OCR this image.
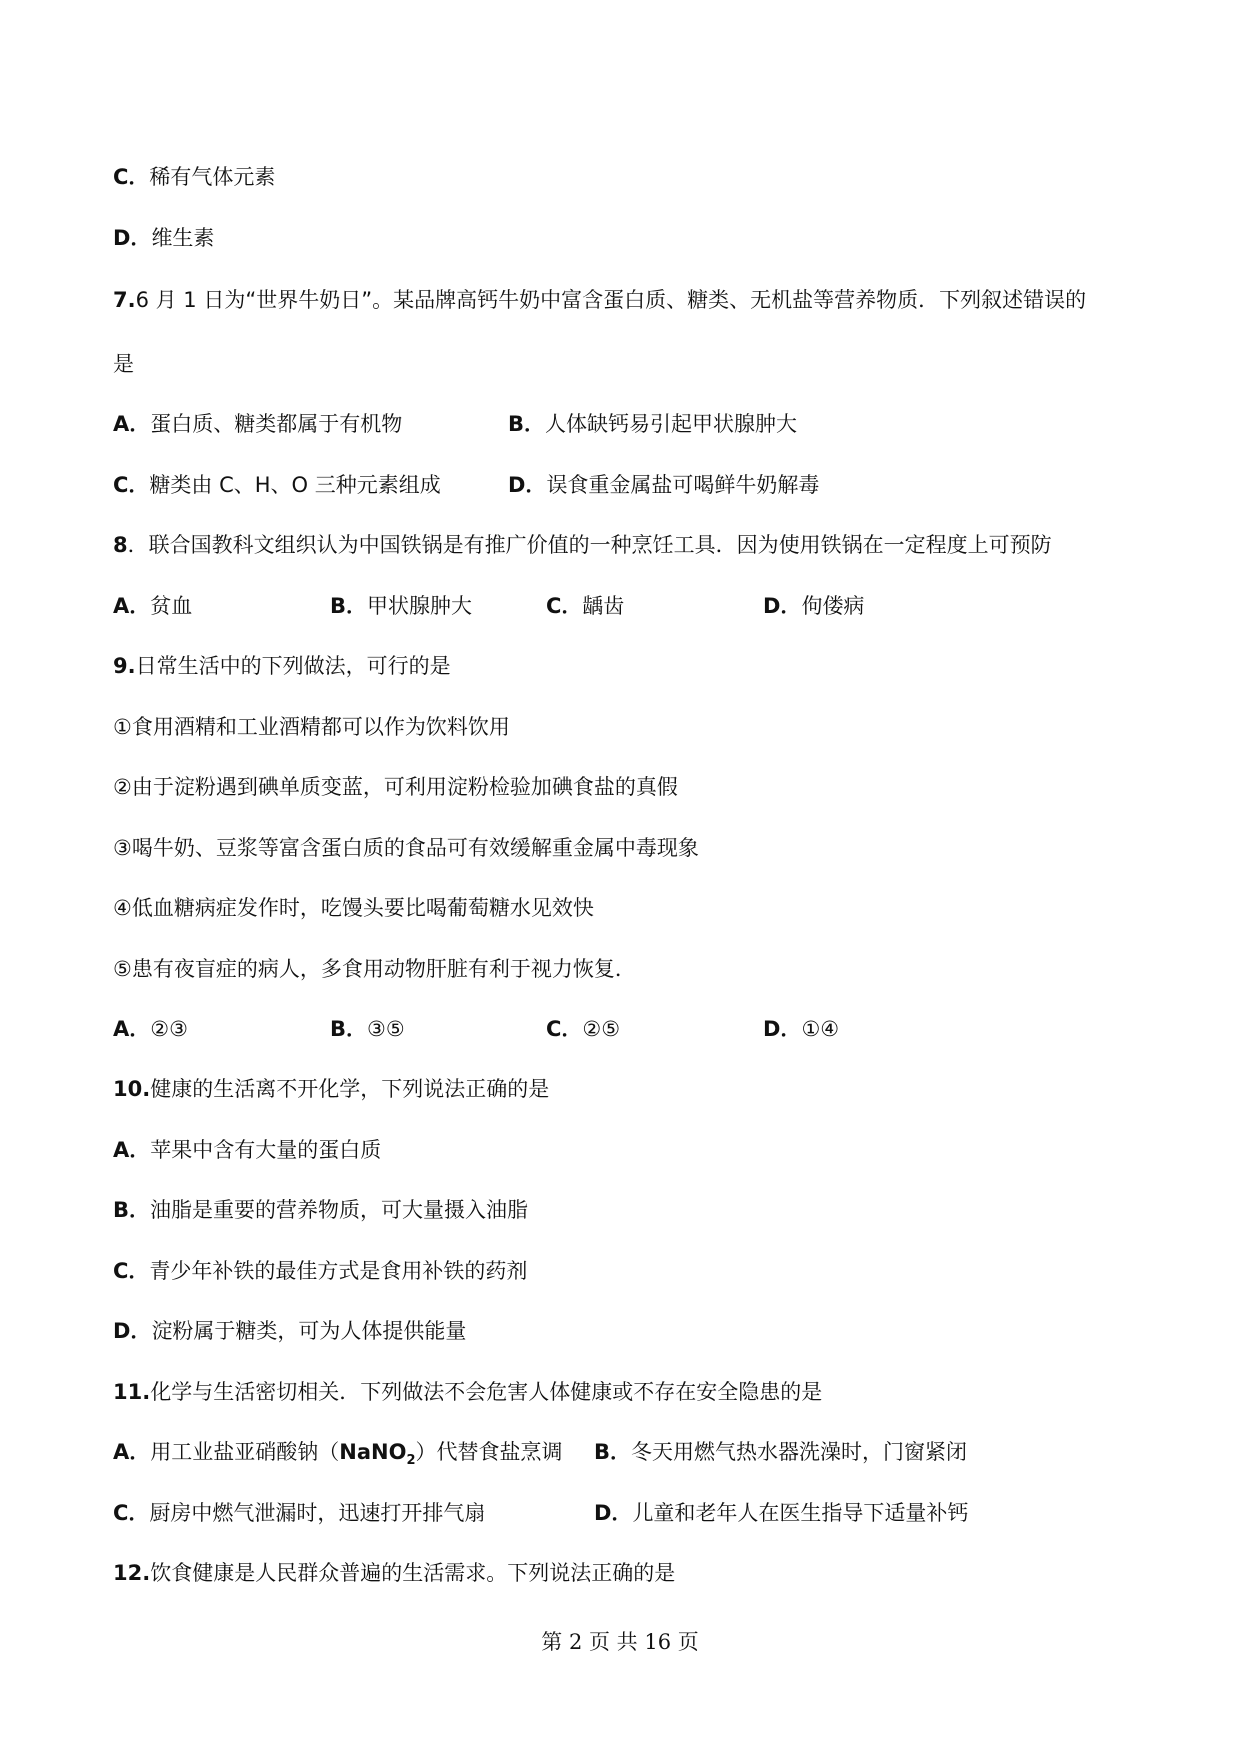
C．稀有气体元素
D．维生素
7.6 月 1 日为“世界牛奶日”。某品牌高钙牛奶中富含蛋白质、糖类、无机盐等营养物质．下列叙述错误的
是
A．蛋白质、糖类都属于有机物	B．人体缺钙易引起甲状腺肿大
C．糖类由 C、H、O 三种元素组成	D．误食重金属盐可喝鲜牛奶解毒
8．联合国教科文组织认为中国铁锅是有推广价值的一种烹饪工具．因为使用铁锅在一定程度上可预防
A．贫血	B．甲状腺肿大	C．龋齿	D．佝偻病
9.日常生活中的下列做法，可行的是
①食用酒精和工业酒精都可以作为饮料饮用
②由于淀粉遇到碘单质变蓝，可利用淀粉检验加碘食盐的真假
③喝牛奶、豆浆等富含蛋白质的食品可有效缓解重金属中毒现象
④低血糖病症发作时，吃馒头要比喝葡萄糖水见效快
⑤患有夜盲症的病人，多食用动物肝脏有利于视力恢复．
A．②③	B．③⑤	C．②⑤	D．①④
10.健康的生活离不开化学，下列说法正确的是
A．苹果中含有大量的蛋白质
B．油脂是重要的营养物质，可大量摄入油脂
C．青少年补铁的最佳方式是食用补铁的药剂
D．淀粉属于糖类，可为人体提供能量
11.化学与生活密切相关．下列做法不会危害人体健康或不存在安全隐患的是
A．用工业盐亚硝酸钠（NaNO$_2$）代替食盐烹调 B．冬天用燃气热水器洗澡时，门窗紧闭
C．厨房中燃气泄漏时，迅速打开排气扇	D．儿童和老年人在医生指导下适量补钙
12.饮食健康是人民群众普遍的生活需求。下列说法正确的是
第 2 页 共 16 页
